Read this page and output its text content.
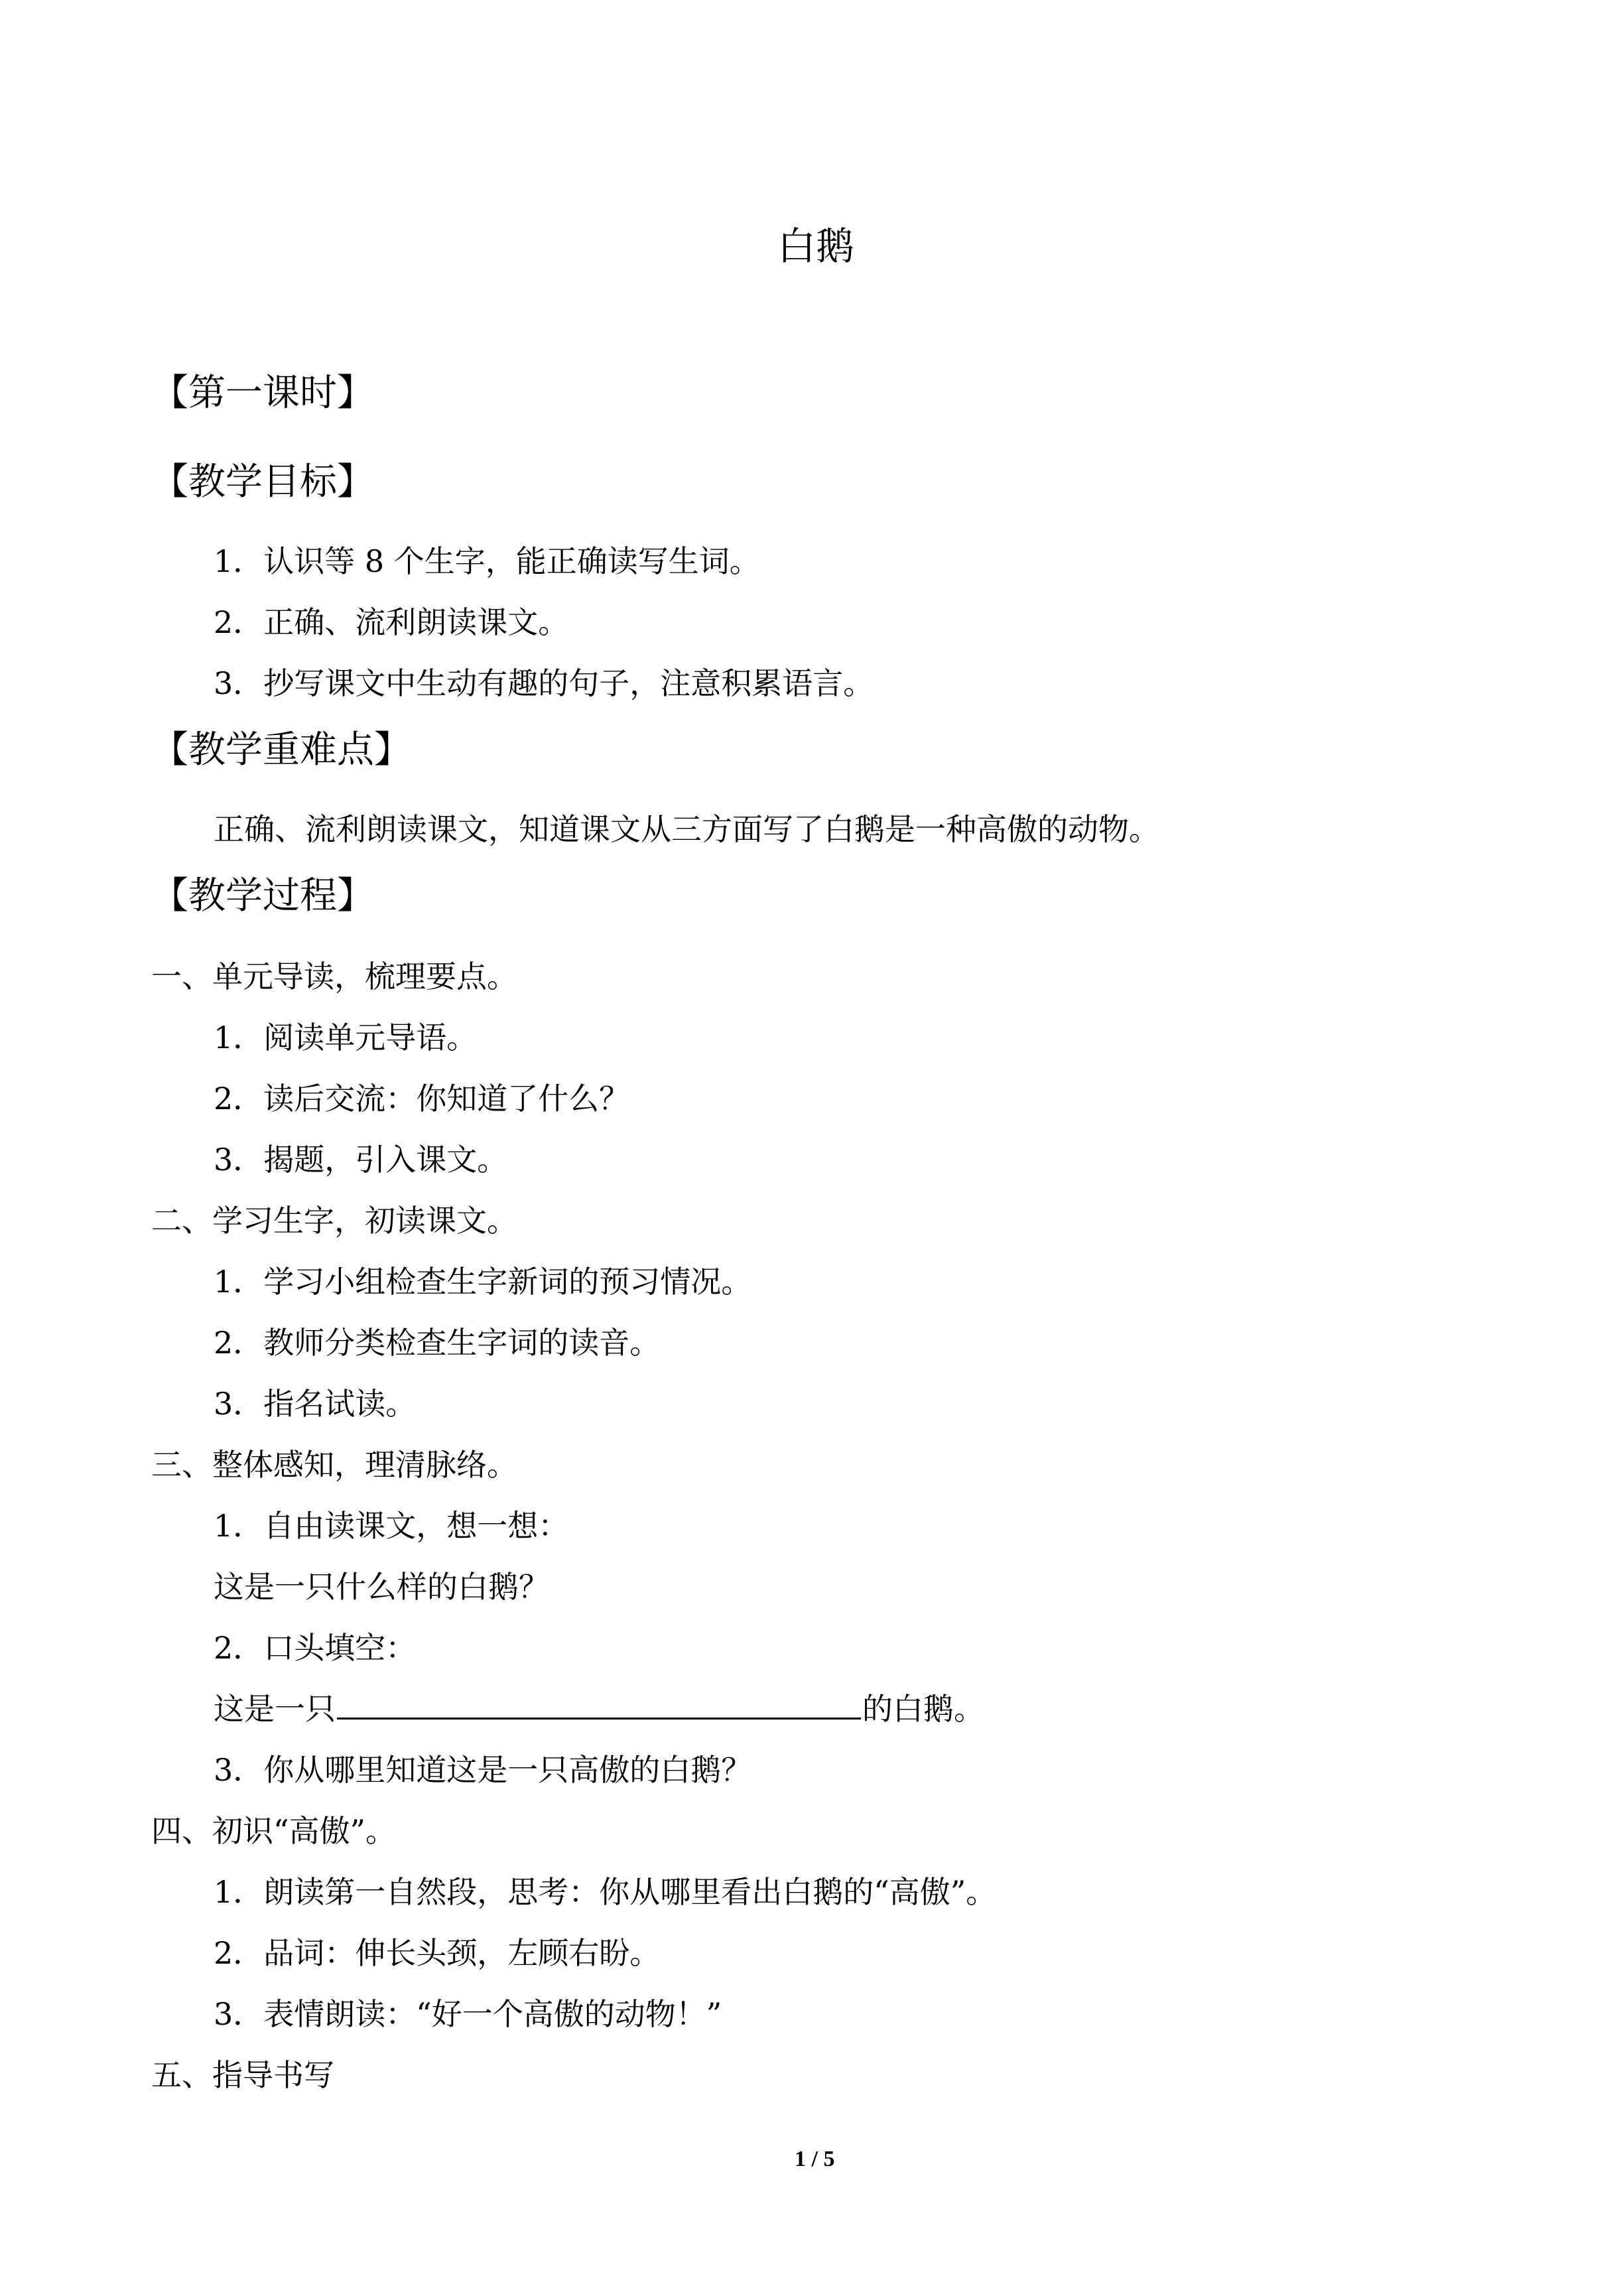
白鹅
【第一课时】
【教学目标】
1．认识等 8 个生字，能正确读写生词。
2．正确、流利朗读课文。
3．抄写课文中生动有趣的句子，注意积累语言。
【教学重难点】
正确、流利朗读课文，知道课文从三方面写了白鹅是一种高傲的动物。
【教学过程】
一、单元导读，梳理要点。
1．阅读单元导语。
2．读后交流：你知道了什么？
3．揭题，引入课文。
二、学习生字，初读课文。
1．学习小组检查生字新词的预习情况。
2．教师分类检查生字词的读音。
3．指名试读。
三、整体感知，理清脉络。
1．自由读课文，想一想：
这是一只什么样的白鹅？
2．口头填空：
这是一只	的白鹅。
3．你从哪里知道这是一只高傲的白鹅？
四、初识“高傲”。
1．朗读第一自然段，思考：你从哪里看出白鹅的“高傲”。
2．品词：伸长头颈，左顾右盼。
3．表情朗读：“好一个高傲的动物！”
五、指导书写
1 / 5
